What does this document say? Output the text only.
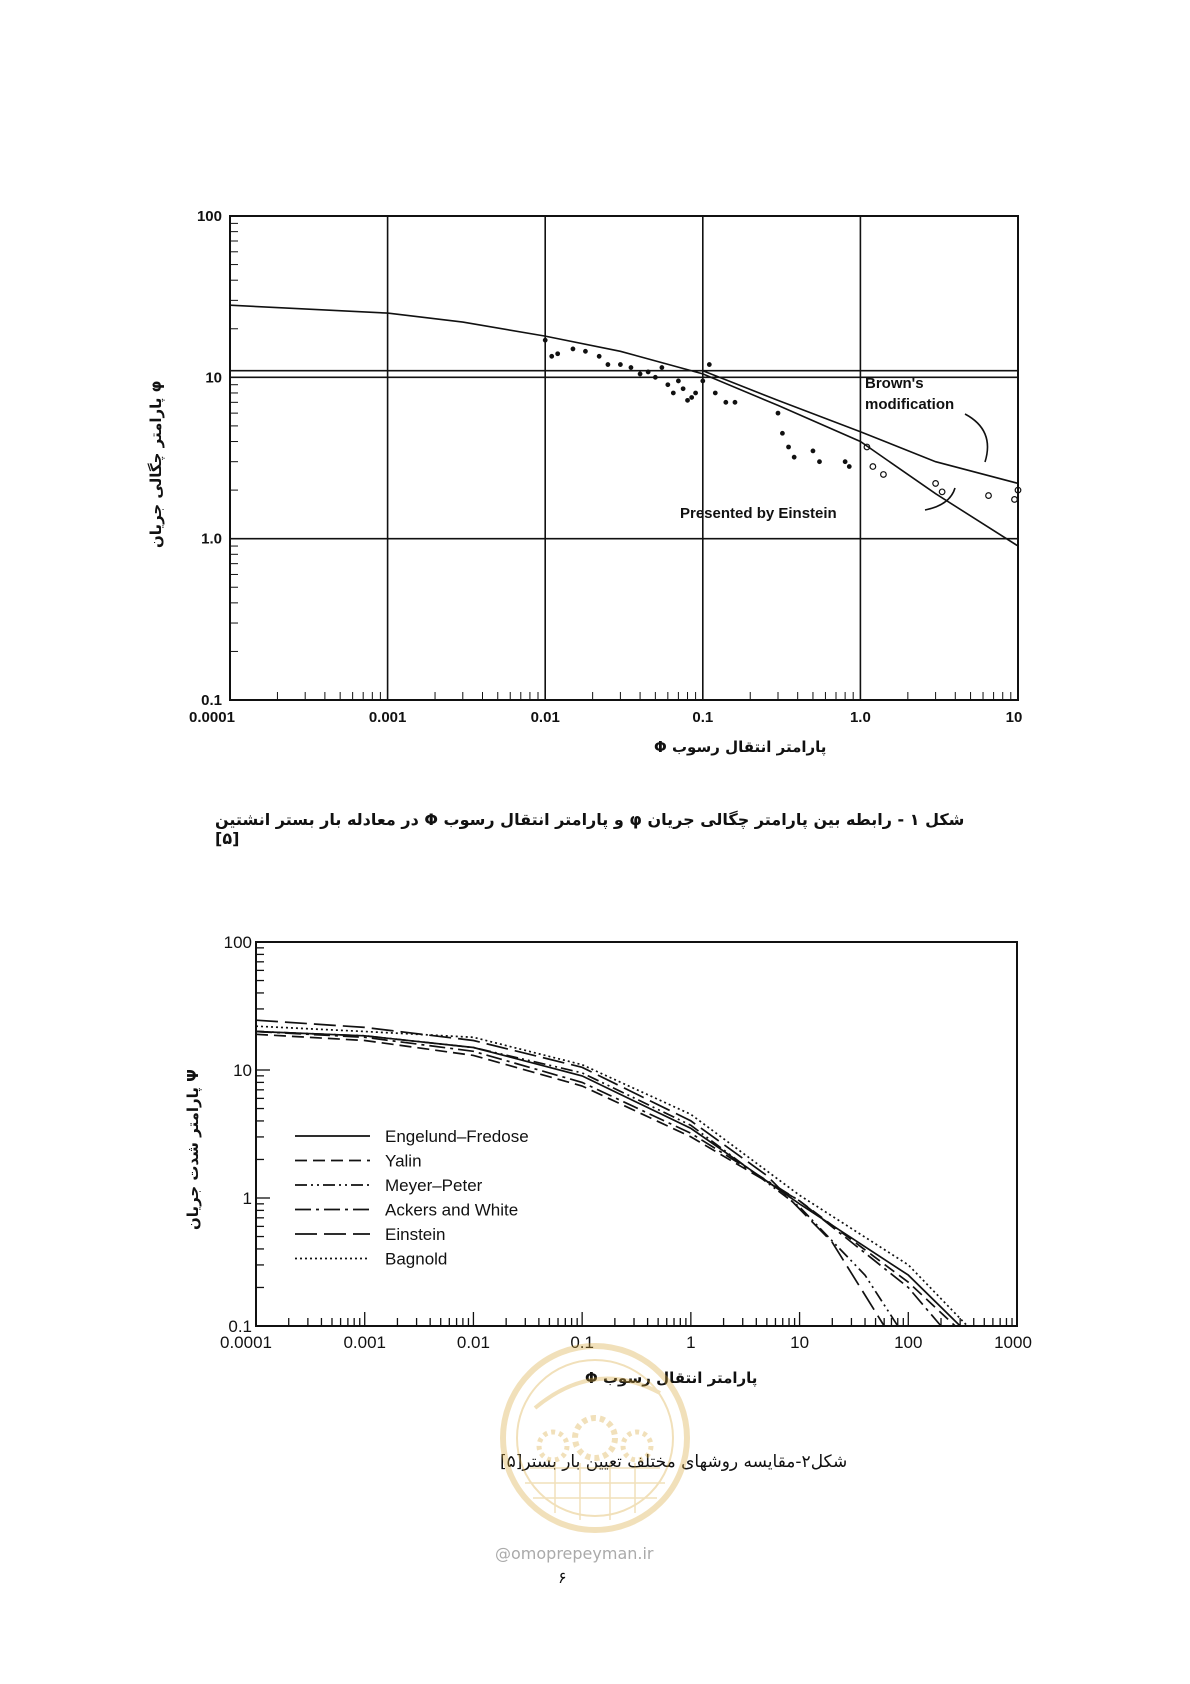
0.0001	0.001	0.01	0.1	1.0	10
100
10
1.0
0.1
Brown's
modification
Presented by Einstein
پارامتر چگالی جریان φ
پارامتر انتقال رسوب Φ
شکل ۱ - رابطه بین پارامتر چگالی جریان φ و پارامتر انتقال رسوب Φ در معادله بار بستر انشتین [۵]
0.0001	0.001	0.01	0.1	1	10	100	1000
100
10
1
0.1
Engelund–Fredose
Yalin
Meyer–Peter
Ackers and White
Einstein
Bagnold
پارامتر شدت جریان Ψ
پارامتر انتقال رسوب Φ
شکل۲-مقایسه روشهای مختلف تعیین بار بستر[۵]
@omoprepeyman.ir
۶
